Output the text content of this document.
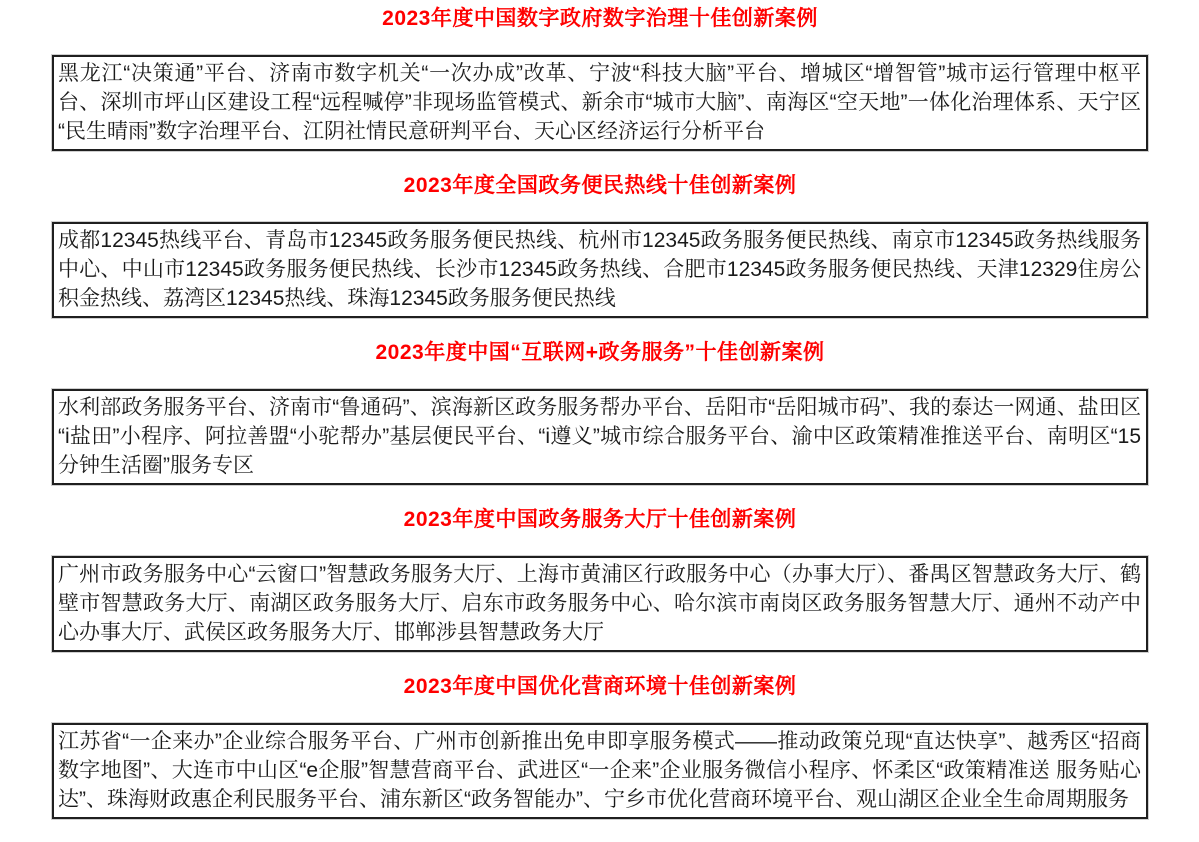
2023年度中国数字政府数字治理十佳创新案例
黑龙江“决策通”平台、济南市数字机关“一次办成”改革、宁波“科技大脑”平台、增城区“增智管”城市运行管理中枢平台、深圳市坪山区建设工程“远程喊停”非现场监管模式、新余市“城市大脑”、南海区“空天地”一体化治理体系、天宁区“民生晴雨”数字治理平台、江阴社情民意研判平台、天心区经济运行分析平台
2023年度全国政务便民热线十佳创新案例
成都12345热线平台、青岛市12345政务服务便民热线、杭州市12345政务服务便民热线、南京市12345政务热线服务中心、中山市12345政务服务便民热线、长沙市12345政务热线、合肥市12345政务服务便民热线、天津12329住房公积金热线、荔湾区12345热线、珠海12345政务服务便民热线
2023年度中国“互联网+政务服务”十佳创新案例
水利部政务服务平台、济南市“鲁通码”、滨海新区政务服务帮办平台、岳阳市“岳阳城市码”、我的泰达一网通、盐田区“i盐田”小程序、阿拉善盟“小驼帮办”基层便民平台、“i遵义”城市综合服务平台、渝中区政策精准推送平台、南明区“15分钟生活圈”服务专区
2023年度中国政务服务大厅十佳创新案例
广州市政务服务中心“云窗口”智慧政务服务大厅、上海市黄浦区行政服务中心（办事大厅）、番禺区智慧政务大厅、鹤壁市智慧政务大厅、南湖区政务服务大厅、启东市政务服务中心、哈尔滨市南岗区政务服务智慧大厅、通州不动产中心办事大厅、武侯区政务服务大厅、邯郸涉县智慧政务大厅
2023年度中国优化营商环境十佳创新案例
江苏省“一企来办”企业综合服务平台、广州市创新推出免申即享服务模式——推动政策兑现“直达快享”、越秀区“招商数字地图”、大连市中山区“e企服”智慧营商平台、武进区“一企来”企业服务微信小程序、怀柔区“政策精准送 服务贴心达”、珠海财政惠企利民服务平台、浦东新区“政务智能办”、宁乡市优化营商环境平台、观山湖区企业全生命周期服务
